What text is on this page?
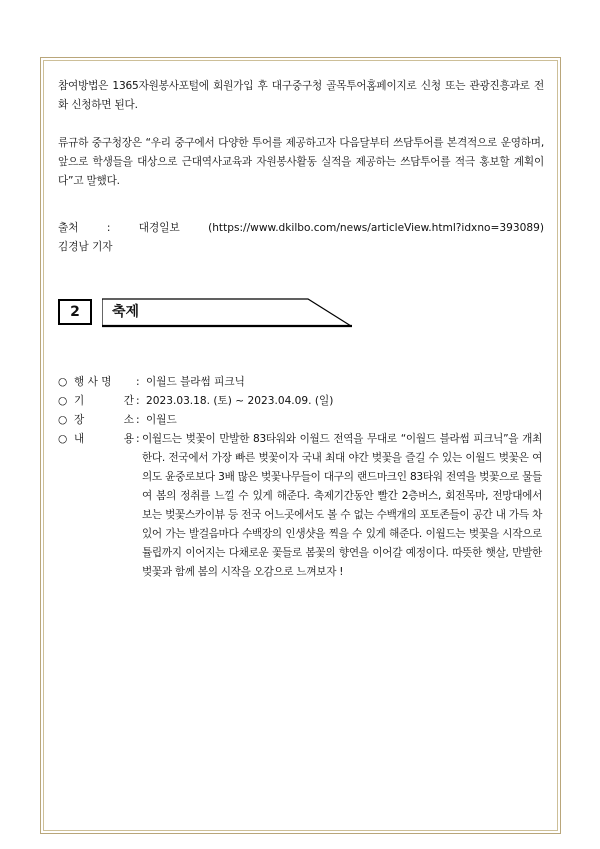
참여방법은 1365자원봉사포털에 회원가입 후 대구중구청 골목투어홈페이지로 신청 또는 관광진흥과로 전화 신청하면 된다.

류규하 중구청장은 “우리 중구에서 다양한 투어를 제공하고자 다음달부터 쓰담투어를 본격적으로 운영하며, 앞으로 학생들을 대상으로 근대역사교육과 자원봉사활동 실적을 제공하는 쓰담투어를 적극 홍보할 계획이다”고 말했다.

출처	:	대경일보	(https://www.dkilbo.com/news/articleView.html?idxno=393089)
김경남 기자
2	축제
○ 행 사 명	: 이월드 블라썸 피크닉
○ 기	간 : 2023.03.18. (토) ~ 2023.04.09. (일)
○ 장	소 : 이월드
○ 내	용 : 이월드는 벚꽃이 만발한 83타워와 이월드 전역을 무대로 “이월드 블라썸 피크닉”을 개최한다. 전국에서 가장 빠른 벚꽃이자 국내 최대 야간 벚꽃을 즐길 수 있는 이월드 벚꽃은 여의도 윤중로보다 3배 많은 벚꽃나무들이 대구의 랜드마크인 83타워 전역을 벚꽃으로 물들여 봄의 정취를 느낄 수 있게 해준다. 축제기간동안 빨간 2층버스, 회전목마, 전망대에서 보는 벚꽃스카이뷰 등 전국 어느곳에서도 볼 수 없는 수백개의 포토존들이 공간 내 가득 차 있어 가는 발걸음마다 수백장의 인생샷을 찍을 수 있게 해준다. 이월드는 벚꽃을 시작으로 튤립까지 이어지는 다채로운 꽃들로 봄꽃의 향연을 이어갈 예정이다. 따뜻한 햇살, 만발한 벚꽃과 함께 봄의 시작을 오감으로 느껴보자 !
